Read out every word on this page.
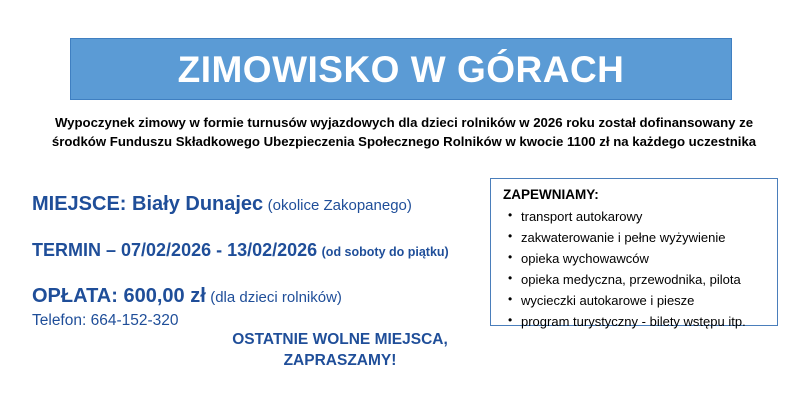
ZIMOWISKO W GÓRACH
Wypoczynek zimowy w formie turnusów wyjazdowych dla dzieci rolników w 2026 roku został dofinansowany ze
środków Funduszu Składkowego Ubezpieczenia Społecznego Rolników w kwocie 1100 zł na każdego uczestnika
MIEJSCE: Biały Dunajec (okolice Zakopanego)
TERMIN – 07/02/2026 - 13/02/2026 (od soboty do piątku)
OPŁATA: 600,00 zł (dla dzieci rolników)
Telefon: 664-152-320
OSTATNIE WOLNE MIEJSCA,
ZAPRASZAMY!
ZAPEWNIAMY:
• transport autokarowy
• zakwaterowanie i pełne wyżywienie
• opieka wychowawców
• opieka medyczna, przewodnika, pilota
• wycieczki autokarowe i piesze
• program turystyczny - bilety wstępu itp.
